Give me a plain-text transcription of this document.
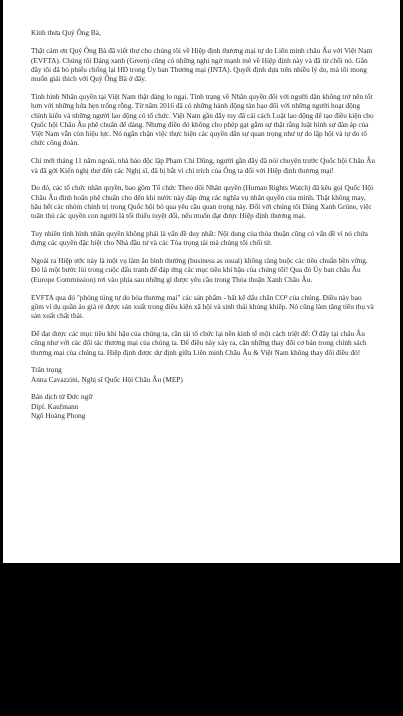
Kính thưa Quý Ông Bà,

Thật cảm ơn Quý Ông Bà đã viết thư cho chúng tôi về Hiệp định thương mại tự do Liên minh châu Âu với Việt Nam (EVFTA). Chúng tôi Đảng xanh (Green) cũng có những nghi ngờ mạnh mẽ về Hiệp định này và đã từ chối nó. Gần đây tôi đã bỏ phiếu chống lại HĐ trong Ủy ban Thương mại (INTA). Quyết định dựa trên nhiều lý do, mà tôi mong muốn giải thích với Quý Ông Bà ở đây.

Tình hình Nhân quyền tại Việt Nam thật đáng lo ngại. Tình trạng về Nhân quyền đối với người dân không trở nên tốt hơn với những hứa hẹn trống rỗng. Từ năm 2016 đã có những hành động tàn bạo đối với những người hoạt động chính kiến và những người lao động có tổ chức. Việt Nam gần đây tuy đã cải cách Luật lao động để tạo điều kiện cho Quốc hội Châu Âu phê chuẩn để dàng. Nhưng điều đó không cho phép gạt gẫm sự thật rằng luật hình sự đàn áp của Việt Nam vẫn còn hiệu lực. Nó ngăn chặn việc thực hiện các quyền dân sự quan trọng như tự do lập hội và tự do tổ chức công đoàn.

Chỉ mới tháng 11 năm ngoái, nhà báo độc lập Phạm Chí Dũng, người gần đây đã nói chuyện trước Quốc hội Châu Âu và đã gởi Kiến nghị thư đến các Nghị sĩ, đã bị bắt vì chỉ trích của Ông ta đối với Hiệp định thương mại!

Do đó, các tổ chức nhân quyền, bao gồm Tổ chức Theo dõi Nhân quyền (Human Rights Watch) đã kêu gọi Quốc Hội Châu Âu đình hoãn phê chuẩn cho đến khi nước này đáp ứng các nghĩa vụ nhân quyền của mình. Thật không may, hầu hết các nhóm chính trị trong Quốc hội bỏ qua yêu cầu quan trọng này. Đối với chúng tôi Đảng Xanh Grüne, việc tuân thủ các quyền con người là tối thiểu tuyệt đối, nếu muốn đạt được Hiệp định thương mại.

Tuy nhiên tình hình nhân quyền không phải là vấn đề duy nhất: Nội dung của thỏa thuận cũng có vấn đề vì nó chứa đựng các quyền đặc biệt cho Nhà đầu tư và các Tòa trọng tài mà chúng tôi chối từ.

Ngoài ra Hiệp ước này là một vụ làm ăn bình thường (business as usual) không ràng buộc các tiêu chuẩn bền vững. Đó là một bước lùi trong cuộc đấu tranh để đáp ứng các mục tiêu khí hậu của chúng tôi! Qua đó Ủy ban châu Âu (Europe Commission) rơi vào phía sau những gì được yêu cầu trong Thỏa thuận Xanh Châu Âu.

EVFTA qua đó "phóng túng tự do hóa thương mại" các sản phẩm - bất kể dấu chân CO² của chúng. Điều này bao gồm ví dụ quần áo giá rẻ được sản xuất trong điều kiện xã hội và sinh thái khủng khiếp. Nó cũng làm tăng tiêu thụ và sản xuất chất thải.

Để đạt được các mục tiêu khí hậu của chúng ta, cần tái tổ chức lại nền kinh tế một cách triệt để: Ở đây tại châu Âu cũng như với các đối tác thương mại của chúng ta. Để điều này xảy ra, cần những thay đổi cơ bản trong chính sách thương mại của chúng ta. Hiệp định được dự định giữa Liên minh Châu Âu & Việt Nam không thay đổi điều đó!

Trân trọng
Anna Cavazzini, Nghị sĩ Quốc Hội Châu Âu (MEP)
Bản dịch từ Đức ngữ
Dipl. Kaufmann
Ngô Hoàng Phong
